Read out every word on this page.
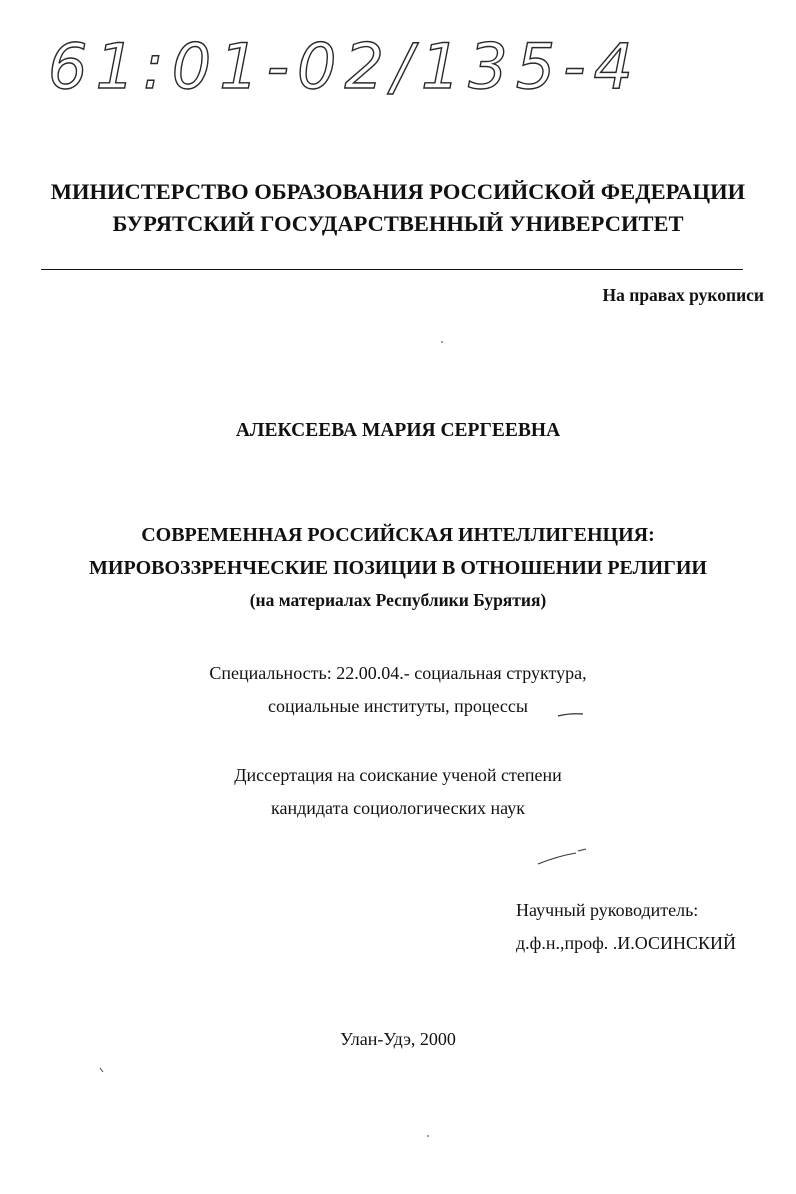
61:01-02/135-4
МИНИСТЕРСТВО ОБРАЗОВАНИЯ РОССИЙСКОЙ ФЕДЕРАЦИИ
БУРЯТСКИЙ ГОСУДАРСТВЕННЫЙ УНИВЕРСИТЕТ
На правах рукописи
АЛЕКСЕЕВА МАРИЯ СЕРГЕЕВНА
СОВРЕМЕННАЯ РОССИЙСКАЯ ИНТЕЛЛИГЕНЦИЯ:
МИРОВОЗЗРЕНЧЕСКИЕ ПОЗИЦИИ В ОТНОШЕНИИ РЕЛИГИИ
(на материалах Республики Бурятия)
Специальность: 22.00.04.- социальная структура,
социальные институты, процессы
Диссертация на соискание ученой степени
кандидата социологических наук
Научный руководитель:
д.ф.н.,проф. .И.ОСИНСКИЙ
Улан-Удэ, 2000
